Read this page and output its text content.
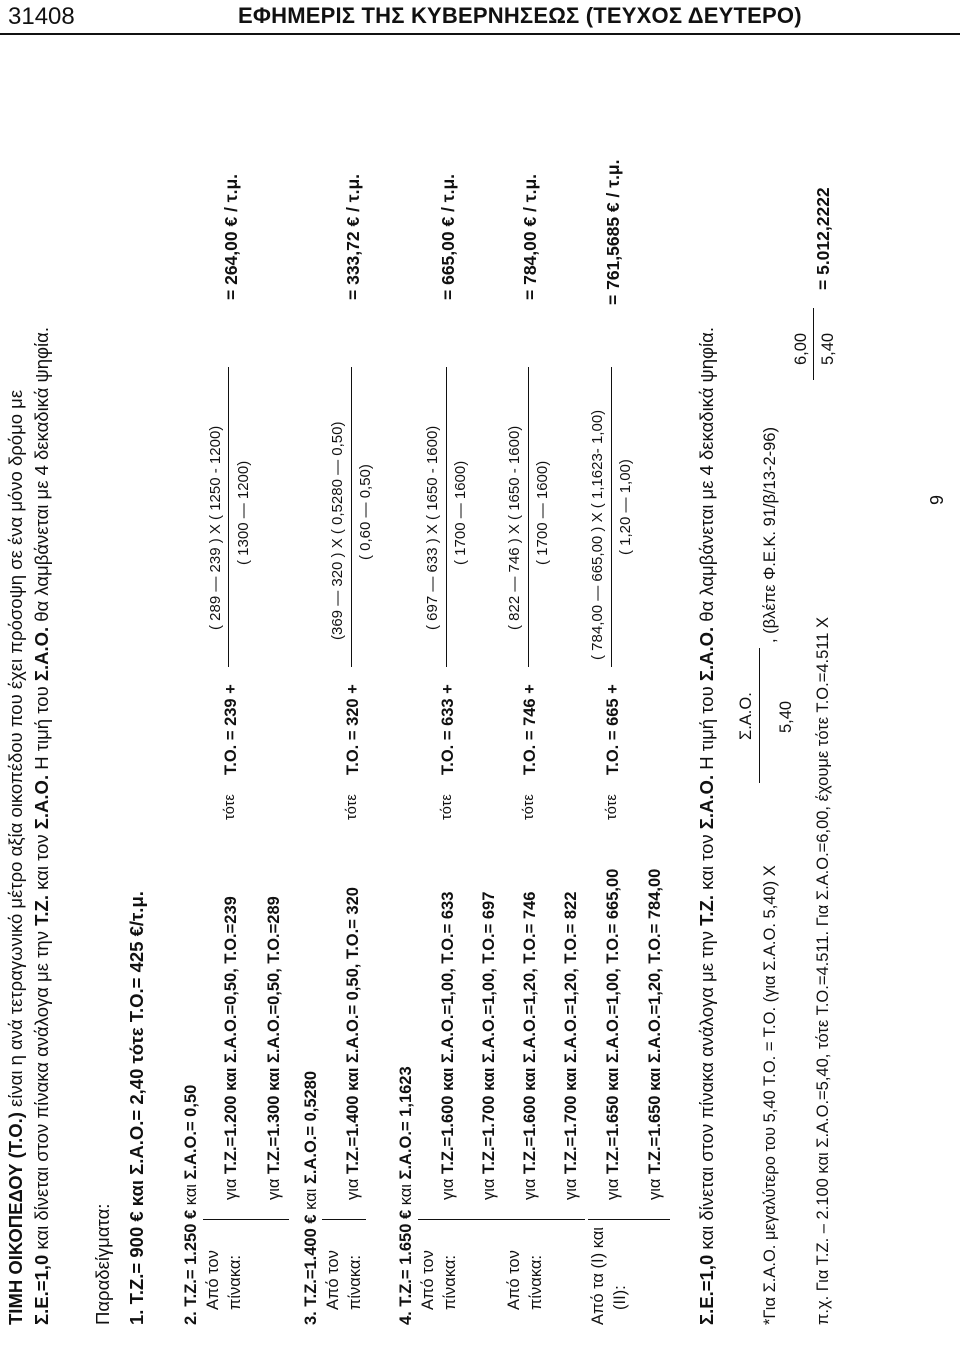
31408	ΕΦΗΜΕΡΙΣ ΤΗΣ ΚΥΒΕΡΝΗΣΕΩΣ (ΤΕΥΧΟΣ ΔΕΥΤΕΡΟ)
ΤΙΜΗ ΟΙΚΟΠΕΔΟΥ (Τ.Ο.) είναι η ανά τετραγωνικό μέτρο αξία οικοπέδου που έχει πρόσοψη σε ένα μόνο δρόμο με
Σ.Ε.=1,0 και δίνεται στον πίνακα ανάλογα με την Τ.Ζ. και τον Σ.Α.Ο. Η τιμή του Σ.Α.Ο. θα λαμβάνεται με 4 δεκαδικά ψηφία.
Παραδείγματα: 1. Τ.Ζ.= 900 € και Σ.Α.Ο.= 2,40 τότε Τ.Ο.= 425 €/τ.μ. 2. Τ.Ζ.= 1.250 € και Σ.Α.Ο.= 0,50
Από τον πίνακα:
για Τ.Ζ.=1.200 και Σ.Α.Ο.=0,50, Τ.Ο.=239
για Τ.Ζ.=1.300 και Σ.Α.Ο.=0,50, Τ.Ο.=289
τότε
Τ.Ο. = 239 +
( 289 — 239 ) Χ ( 1250 - 1200) ( 1300 — 1200)
= 264,00 € / τ.μ.
3. Τ.Ζ.=1.400 € και Σ.Α.Ο.= 0,5280
Από τον πίνακα:
για Τ.Ζ.=1.400 και Σ.Α.Ο.= 0,50, Τ.Ο.= 320
τότε
Τ.Ο. = 320 +
(369 — 320 ) Χ ( 0,5280 — 0,50) ( 0,60 — 0,50)
= 333,72 € / τ.μ.
4. Τ.Ζ.= 1.650 € και Σ.Α.Ο.= 1,1623
Από τον πίνακα:
για Τ.Ζ.=1.600 και Σ.Α.Ο.=1,00, Τ.Ο.= 633
για Τ.Ζ.=1.700 και Σ.Α.Ο.=1,00, Τ.Ο.= 697
τότε
Τ.Ο. = 633 +
( 697 — 633 ) Χ ( 1650 - 1600) ( 1700 — 1600)
= 665,00 € / τ.μ.
Από τον πίνακα:
για Τ.Ζ.=1.600 και Σ.Α.Ο.=1,20, Τ.Ο.= 746
για Τ.Ζ.=1.700 και Σ.Α.Ο.=1,20, Τ.Ο.= 822
τότε
Τ.Ο. = 746 +
( 822 — 746 ) Χ ( 1650 - 1600) ( 1700 — 1600)
= 784,00 € / τ.μ.
Από τα (Ι) και (ΙΙ):
για Τ.Ζ.=1.650 και Σ.Α.Ο.=1,00, Τ.Ο.= 665,00
για Τ.Ζ.=1.650 και Σ.Α.Ο.=1,20, Τ.Ο.= 784,00
τότε
Τ.Ο. = 665 +
( 784,00 — 665,00 ) Χ ( 1,1623- 1,00) ( 1,20 — 1,00)
= 761,5685 € / τ.μ.
Σ.Ε.=1,0 και δίνεται στον πίνακα ανάλογα με την Τ.Ζ. και τον Σ.Α.Ο. Η τιμή του Σ.Α.Ο. θα λαμβάνεται με 4 δεκαδικά ψηφία.
*Για Σ.Α.Ο. μεγαλύτερο του 5,40 Τ.Ο. = Τ.Ο. (για Σ.Α.Ο. 5,40) Χ
Σ.Α.Ο. 5,40
, (βλέπε Φ.Ε.Κ. 91/β/13-2-96)
π.χ. Για Τ.Ζ. – 2.100 και Σ.Α.Ο.=5,40, τότε Τ.Ο.=4.511. Για Σ.Α.Ο.=6,00, έχουμε τότε Τ.Ο.=4.511 Χ
6,00 5,40
= 5.012,2222
9
